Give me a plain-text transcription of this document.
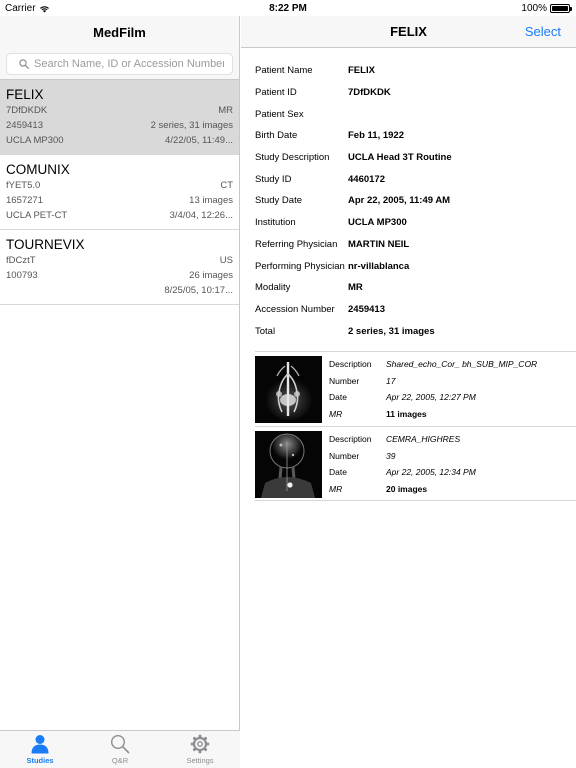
Carrier	8:22 PM	100%
MedFilm
Search Name, ID or Accession Number
FELIX
7DfDKDK	MR
2459413	2 series, 31 images
UCLA MP300	4/22/05, 11:49...
COMUNIX
fYET5.0	CT
1657271	13 images
UCLA PET-CT	3/4/04, 12:26...
TOURNEVIX
fDCztT	US
100793	26 images
8/25/05, 10:17...
Studies	Q&R	Settings
FELIX	Select
Patient Name	FELIX
Patient ID	7DfDKDK
Patient Sex
Birth Date	Feb 11, 1922
Study Description	UCLA Head 3T Routine
Study ID	4460172
Study Date	Apr 22, 2005, 11:49 AM
Institution	UCLA MP300
Referring Physician	MARTIN NEIL
Performing Physician nr-villablanca
Modality	MR
Accession Number	2459413
Total	2 series, 31 images
Description	Shared_echo_Cor_ bh_SUB_MIP_COR
Number	17
Date	Apr 22, 2005, 12:27 PM
MR	11 images
Description	CEMRA_HIGHRES
Number	39
Date	Apr 22, 2005, 12:34 PM
MR	20 images
